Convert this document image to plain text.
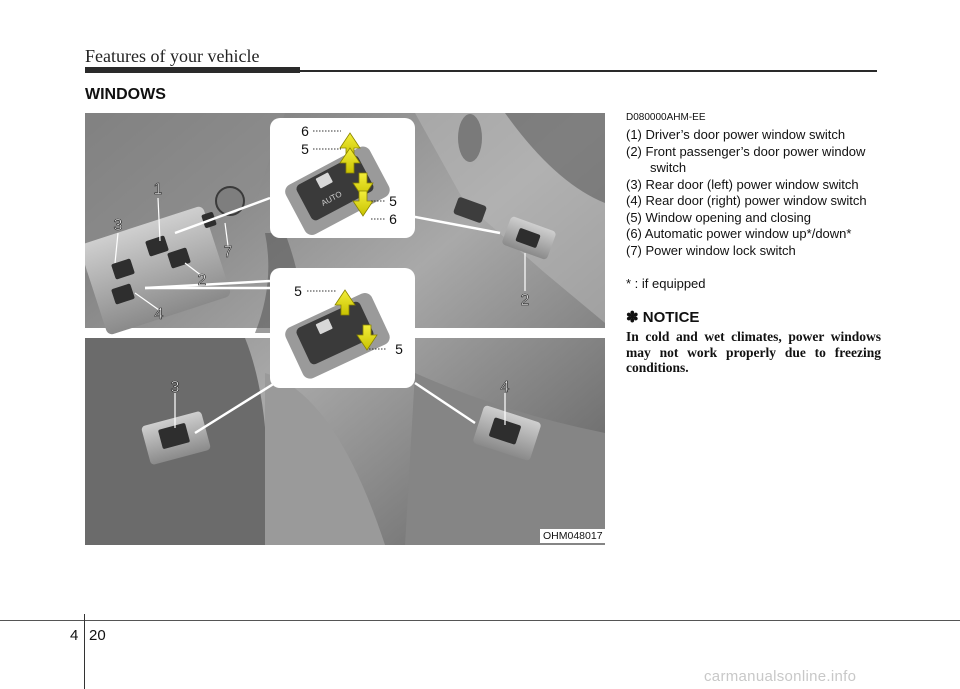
Features of your vehicle
WINDOWS
AUTO
1
2
2
3
3
4
4
7
6
5
5
6
5
5
OHM048017
D080000AHM-EE
(1) Driver’s door power window switch
(2) Front passenger’s door power window switch
(3) Rear door (left) power window switch
(4) Rear door (right) power window switch
(5) Window opening and closing
(6) Automatic power window up*/down*
(7) Power window lock switch
* : if equipped
✽ NOTICE
In cold and wet climates, power windows may not work properly due to freezing conditions.
4 20
carmanualsonline.info
